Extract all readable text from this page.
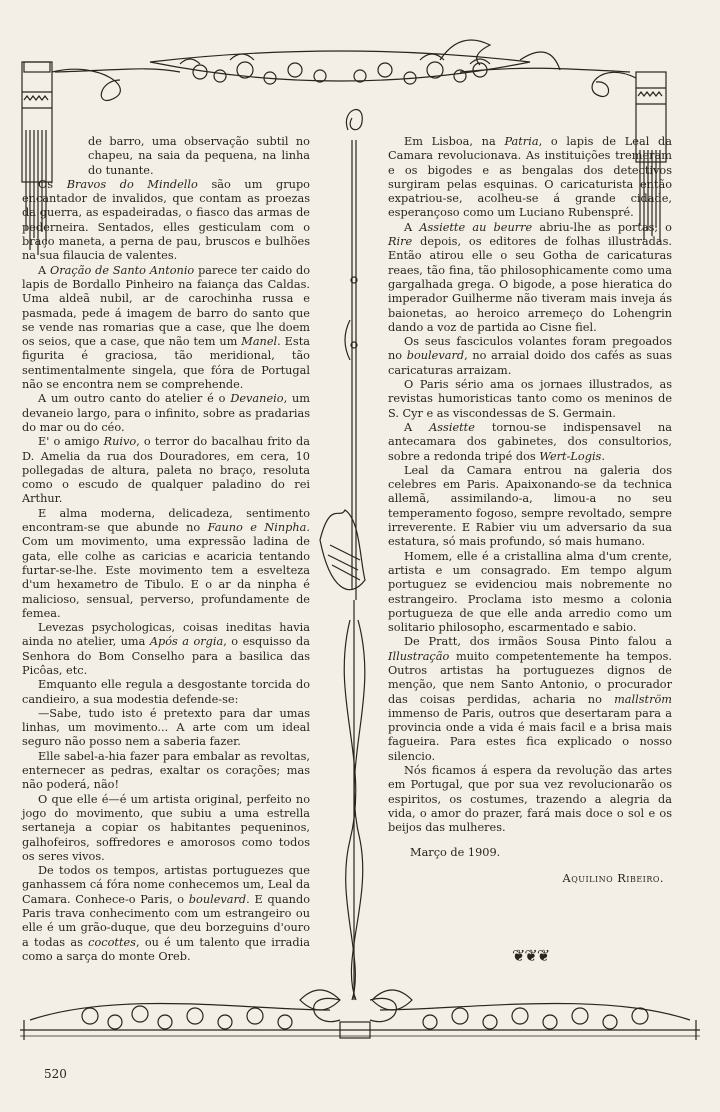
de barro, uma observação subtil no chapeu, na saia da pequena, na linha do tunante.

Os Bravos do Mindello são um grupo encantador de invalidos, que contam as proezas da guerra, as espadeiradas, o fiasco das armas de pederneira. Sentados, elles gesticulam com o braço maneta, a perna de pau, bruscos e bulhões na sua filaucia de valentes.

A Oração de Santo Antonio parece ter caido do lapis de Bordallo Pinheiro na faiança das Caldas. Uma aldeã nubil, ar de carochinha russa e pasmada, pede á imagem de barro do santo que se vende nas romarias que a case, que lhe doem os seios, que a case, que não tem um Manel. Esta figurita é graciosa, tão meridional, tão sentimentalmente singela, que fóra de Portugal não se encontra nem se comprehende.

A um outro canto do atelier é o Devaneio, um devaneio largo, para o infinito, sobre as pradarias do mar ou do céo.

E' o amigo Ruivo, o terror do bacalhau frito da D. Amelia da rua dos Douradores, em cera, 10 pollegadas de altura, paleta no braço, resoluta como o escudo de qualquer paladino do rei Arthur.

E alma moderna, delicadeza, sentimento encontram-se que abunde no Fauno e Ninpha. Com um movimento, uma expressão ladina de gata, elle colhe as caricias e acaricia tentando furtar-se-lhe. Este movimento tem a esvelteza d'um hexametro de Tibulo. E o ar da ninpha é malicioso, sensual, perverso, profundamente de femea.

Levezas psychologicas, coisas ineditas havia ainda no atelier, uma Após a orgia, o esquisso da Senhora do Bom Conselho para a basilica das Picôas, etc.

Emquanto elle regula a desgostante torcida do candieiro, a sua modestia defende-se:

—Sabe, tudo isto é pretexto para dar umas linhas, um movimento... A arte com um ideal seguro não posso nem a saberia fazer.

Elle sabel-a-hia fazer para embalar as revoltas, enternecer as pedras, exaltar os corações; mas não poderá, não!

O que elle é—é um artista original, perfeito no jogo do movimento, que subiu a uma estrella sertaneja a copiar os habitantes pequeninos, galhofeiros, soffredores e amorosos como todos os seres vivos.

De todos os tempos, artistas portuguezes que ganhassem cá fóra nome conhecemos um, Leal da Camara. Conhece-o Paris, o boulevard. E quando Paris trava conhecimento com um estrangeiro ou elle é um grão-duque, que deu borzeguins d'ouro a todas as cocottes, ou é um talento que irradia como a sarça do monte Oreb.

Em Lisboa, na Patria, o lapis de Leal da Camara revolucionava. As instituições tremeram e os bigodes e as bengalas dos detectivos surgiram pelas esquinas. O caricaturista então expatriou-se, acolheu-se á grande cidade, esperançoso como um Luciano Rubenspré.

A Assiette au beurre abriu-lhe as portas, o Rire depois, os editores de folhas illustradas. Então atirou elle o seu Gotha de caricaturas reaes, tão fina, tão philosophicamente como uma gargalhada grega. O bigode, a pose hieratica do imperador Guilherme não tiveram mais inveja ás baionetas, ao heroico arremeço do Lohengrin dando a voz de partida ao Cisne fiel.

Os seus fasciculos volantes foram pregoados no boulevard, no arraial doido dos cafés as suas caricaturas arraizam.

O Paris sério ama os jornaes illustrados, as revistas humoristicas tanto como os meninos de S. Cyr e as viscondessas de S. Germain.

A Assiette tornou-se indispensavel na antecamara dos gabinetes, dos consultorios, sobre a redonda tripé dos Wert-Logis.

Leal da Camara entrou na galeria dos celebres em Paris. Apaixonando-se da technica allemã, assimilando-a, limou-a no seu temperamento fogoso, sempre revoltado, sempre irreverente. E Rabier viu um adversario da sua estatura, só mais profundo, só mais humano.

Homem, elle é a cristallina alma d'um crente, artista e um consagrado. Em tempo algum portuguez se evidenciou mais nobremente no estrangeiro. Proclama isto mesmo a colonia portugueza de que elle anda arredio como um solitario philosopho, escarmentado e sabio.

De Pratt, dos irmãos Sousa Pinto falou a Illustração muito competentemente ha tempos. Outros artistas ha portuguezes dignos de menção, que nem Santo Antonio, o procurador das coisas perdidas, acharia no mallström immenso de Paris, outros que desertaram para a provincia onde a vida é mais facil e a brisa mais fagueira. Para estes fica explicado o nosso silencio.

Nós ficamos á espera da revolução das artes em Portugal, que por sua vez revolucionarão os espiritos, os costumes, trazendo a alegria da vida, o amor do prazer, fará mais doce o sol e os beijos das mulheres.

Março de 1909.

Aquilino Ribeiro.

❦❦❦
520
